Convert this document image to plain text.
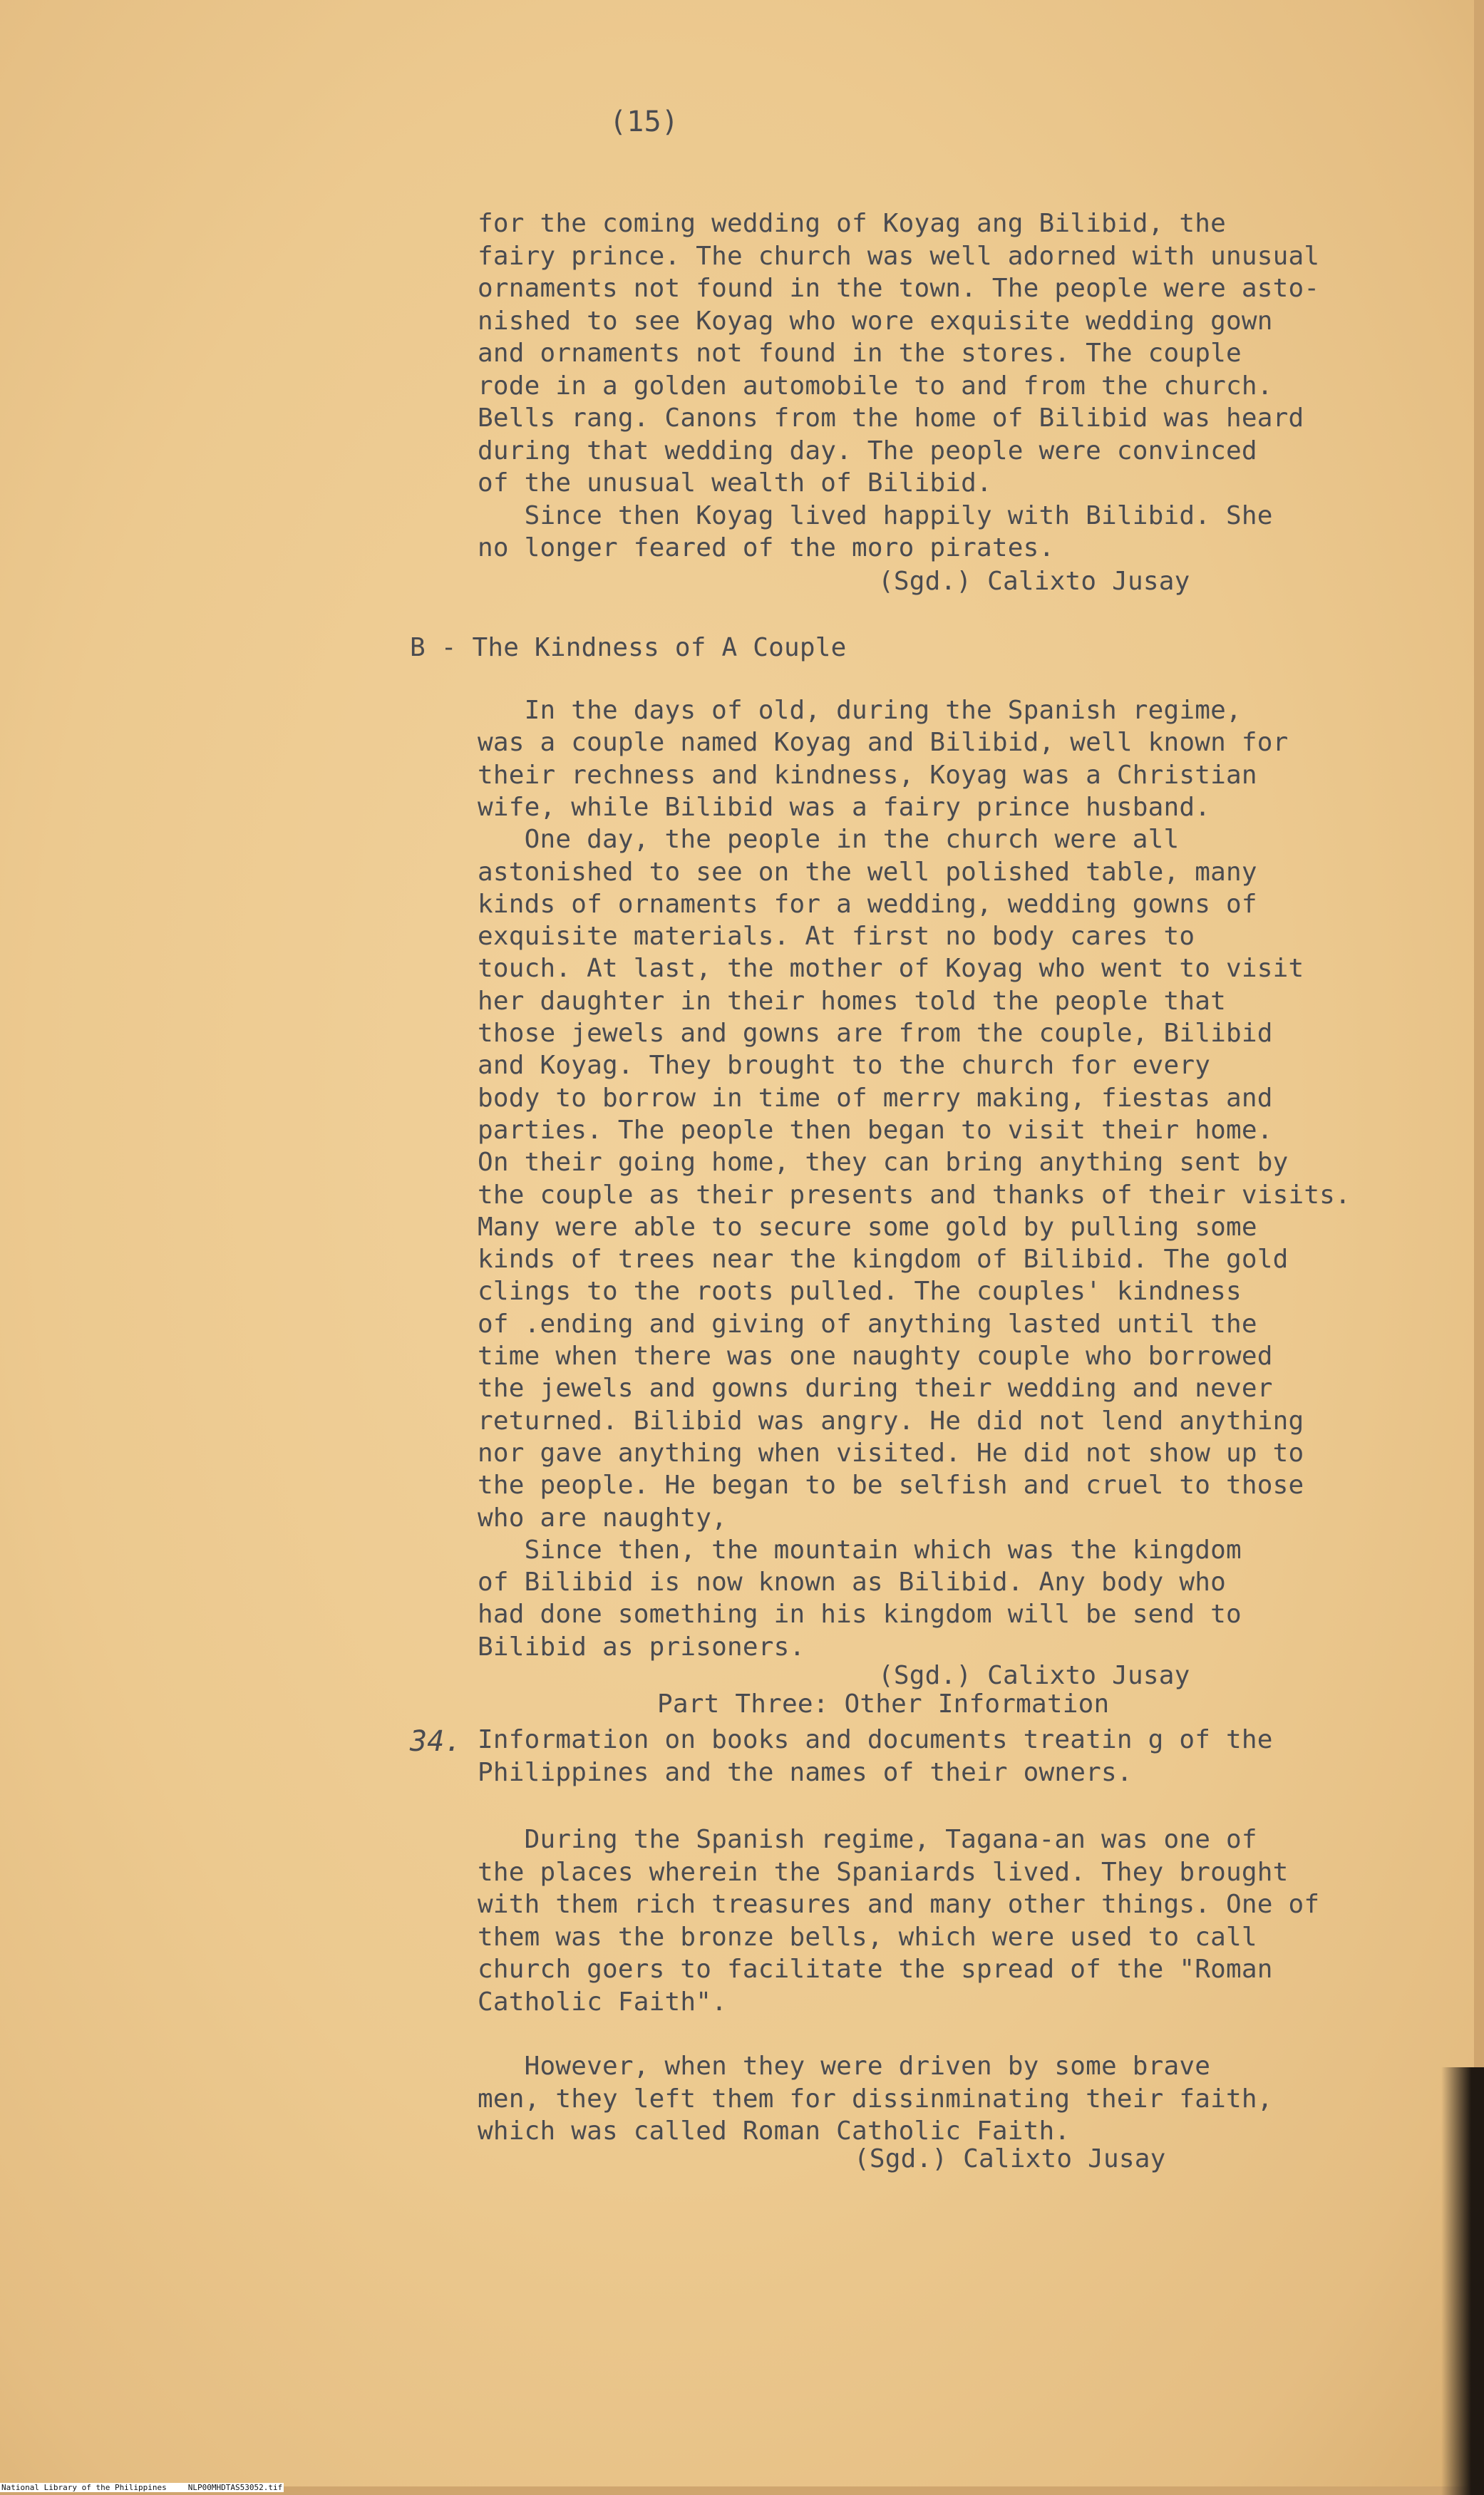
(15)
for the coming wedding of Koyag ang Bilibid, the
fairy prince. The church was well adorned with unusual
ornaments not found in the town. The people were asto-
nished to see Koyag who wore exquisite wedding gown
and ornaments not found in the stores. The couple
rode in a golden automobile to and from the church.
Bells rang. Canons from the home of Bilibid was heard
during that wedding day. The people were convinced
of the unusual wealth of Bilibid.
Since then Koyag lived happily with Bilibid. She
no longer feared of the moro pirates.
(Sgd.) Calixto Jusay
B - The Kindness of A Couple
In the days of old, during the Spanish regime,
was a couple named Koyag and Bilibid, well known for
their rechness and kindness, Koyag was a Christian
wife, while Bilibid was a fairy prince husband.
One day, the people in the church were all
astonished to see on the well polished table, many
kinds of ornaments for a wedding, wedding gowns of
exquisite materials. At first no body cares to
touch. At last, the mother of Koyag who went to visit
her daughter in their homes told the people that
those jewels and gowns are from the couple, Bilibid
and Koyag. They brought to the church for every
body to borrow in time of merry making, fiestas and
parties. The people then began to visit their home.
On their going home, they can bring anything sent by
the couple as their presents and thanks of their visits.
Many were able to secure some gold by pulling some
kinds of trees near the kingdom of Bilibid. The gold
clings to the roots pulled. The couples' kindness
of .ending and giving of anything lasted until the
time when there was one naughty couple who borrowed
the jewels and gowns during their wedding and never
returned. Bilibid was angry. He did not lend anything
nor gave anything when visited. He did not show up to
the people. He began to be selfish and cruel to those
who are naughty,
Since then, the mountain which was the kingdom
of Bilibid is now known as Bilibid. Any body who
had done something in his kingdom will be send to
Bilibid as prisoners.
(Sgd.) Calixto Jusay
Part Three: Other Information
34. Information on books and documents treatin g of the
Philippines and the names of their owners.
During the Spanish regime, Tagana-an was one of
the places wherein the Spaniards lived. They brought
with them rich treasures and many other things. One of
them was the bronze bells, which were used to call
church goers to facilitate the spread of the "Roman
Catholic Faith".
However, when they were driven by some brave
men, they left them for dissinminating their faith,
which was called Roman Catholic Faith.
(Sgd.) Calixto Jusay
National Library of the Philippines	NLP00MHDTAS53052.tif
